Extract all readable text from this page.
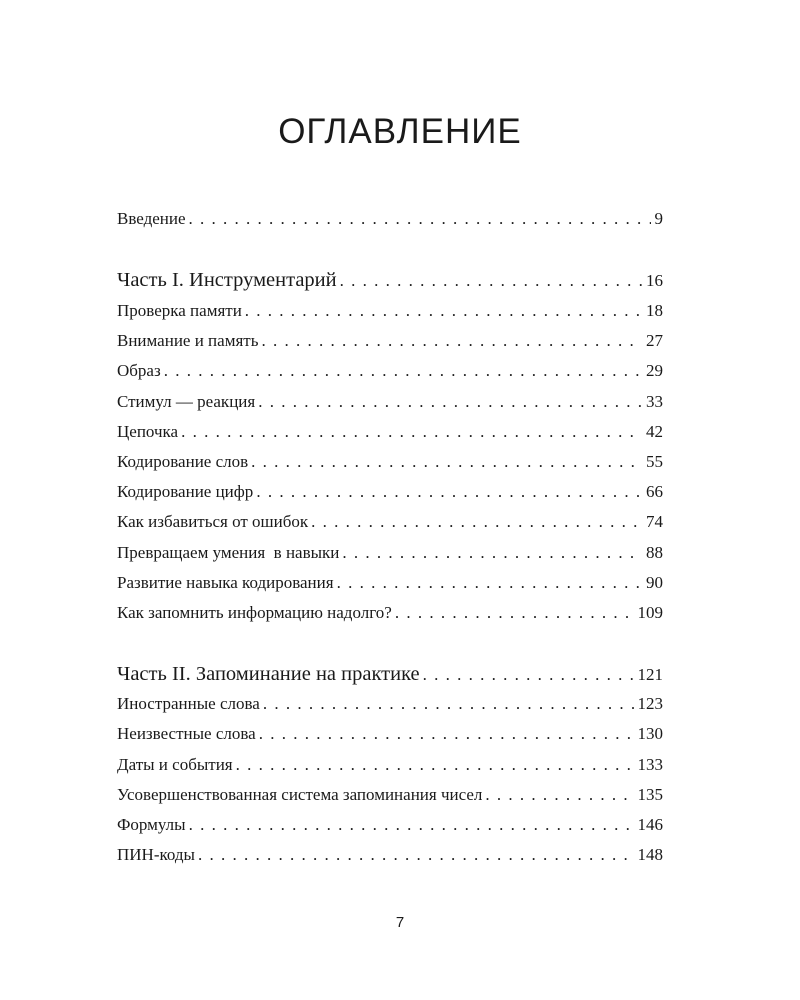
ОГЛАВЛЕНИЕ
Введение . . .	9
Часть I. Инструментарий . . .	16
Проверка памяти . . .	18
Внимание и память . . .	27
Образ . . .	29
Стимул — реакция . . .	33
Цепочка . . .	42
Кодирование слов . . .	55
Кодирование цифр . . .	66
Как избавиться от ошибок . . .	74
Превращаем умения  в навыки . . .	88
Развитие навыка кодирования . . .	90
Как запомнить информацию надолго? . . .	109
Часть II. Запоминание на практике . . .	121
Иностранные слова . . .	123
Неизвестные слова . . .	130
Даты и события . . .	133
Усовершенствованная система запоминания чисел . . .	135
Формулы . . .	146
ПИН-коды . . .	148
7
